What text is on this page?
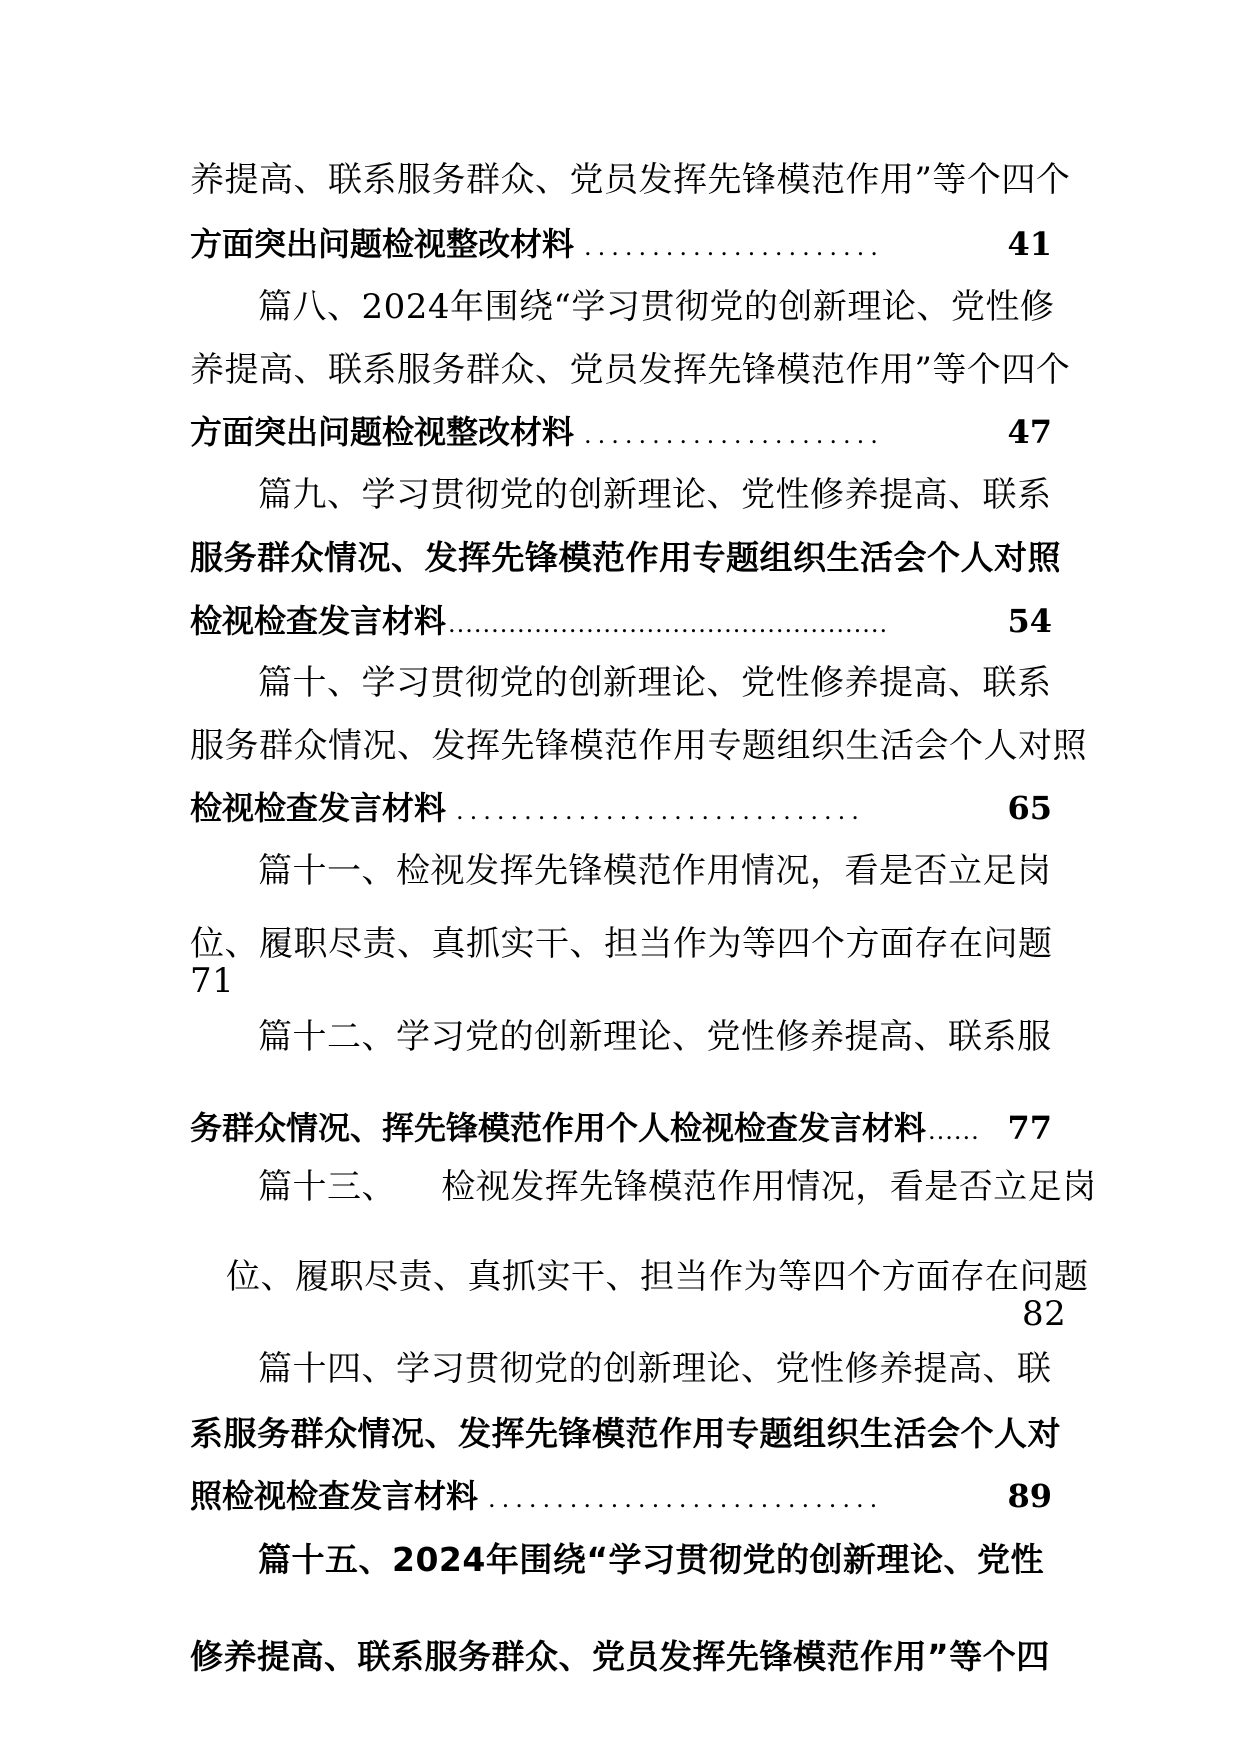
养提高、联系服务群众、党员发挥先锋模范作用”等个四个
方面突出问题检视整改材料 ......................	41
篇八、2024年围绕“学习贯彻党的创新理论、党性修
养提高、联系服务群众、党员发挥先锋模范作用”等个四个
方面突出问题检视整改材料 ......................	47
篇九、学习贯彻党的创新理论、党性修养提高、联系
服务群众情况、发挥先锋模范作用专题组织生活会个人对照
检视检查发言材料 ...................................................	54
篇十、学习贯彻党的创新理论、党性修养提高、联系
服务群众情况、发挥先锋模范作用专题组织生活会个人对照
检视检查发言材料 ..............................	65
篇十一、检视发挥先锋模范作用情况，看是否立足岗
位、履职尽责、真抓实干、担当作为等四个方面存在问题
71
篇十二、学习党的创新理论、党性修养提高、联系服
务群众情况、挥先锋模范作用个人检视检查发言材料 ...... 77
篇十三、    检视发挥先锋模范作用情况，看是否立足岗
位、履职尽责、真抓实干、担当作为等四个方面存在问题
82
篇十四、学习贯彻党的创新理论、党性修养提高、联
系服务群众情况、发挥先锋模范作用专题组织生活会个人对
照检视检查发言材料 .............................	89
篇十五、2024年围绕“学习贯彻党的创新理论、党性
修养提高、联系服务群众、党员发挥先锋模范作用”等个四
